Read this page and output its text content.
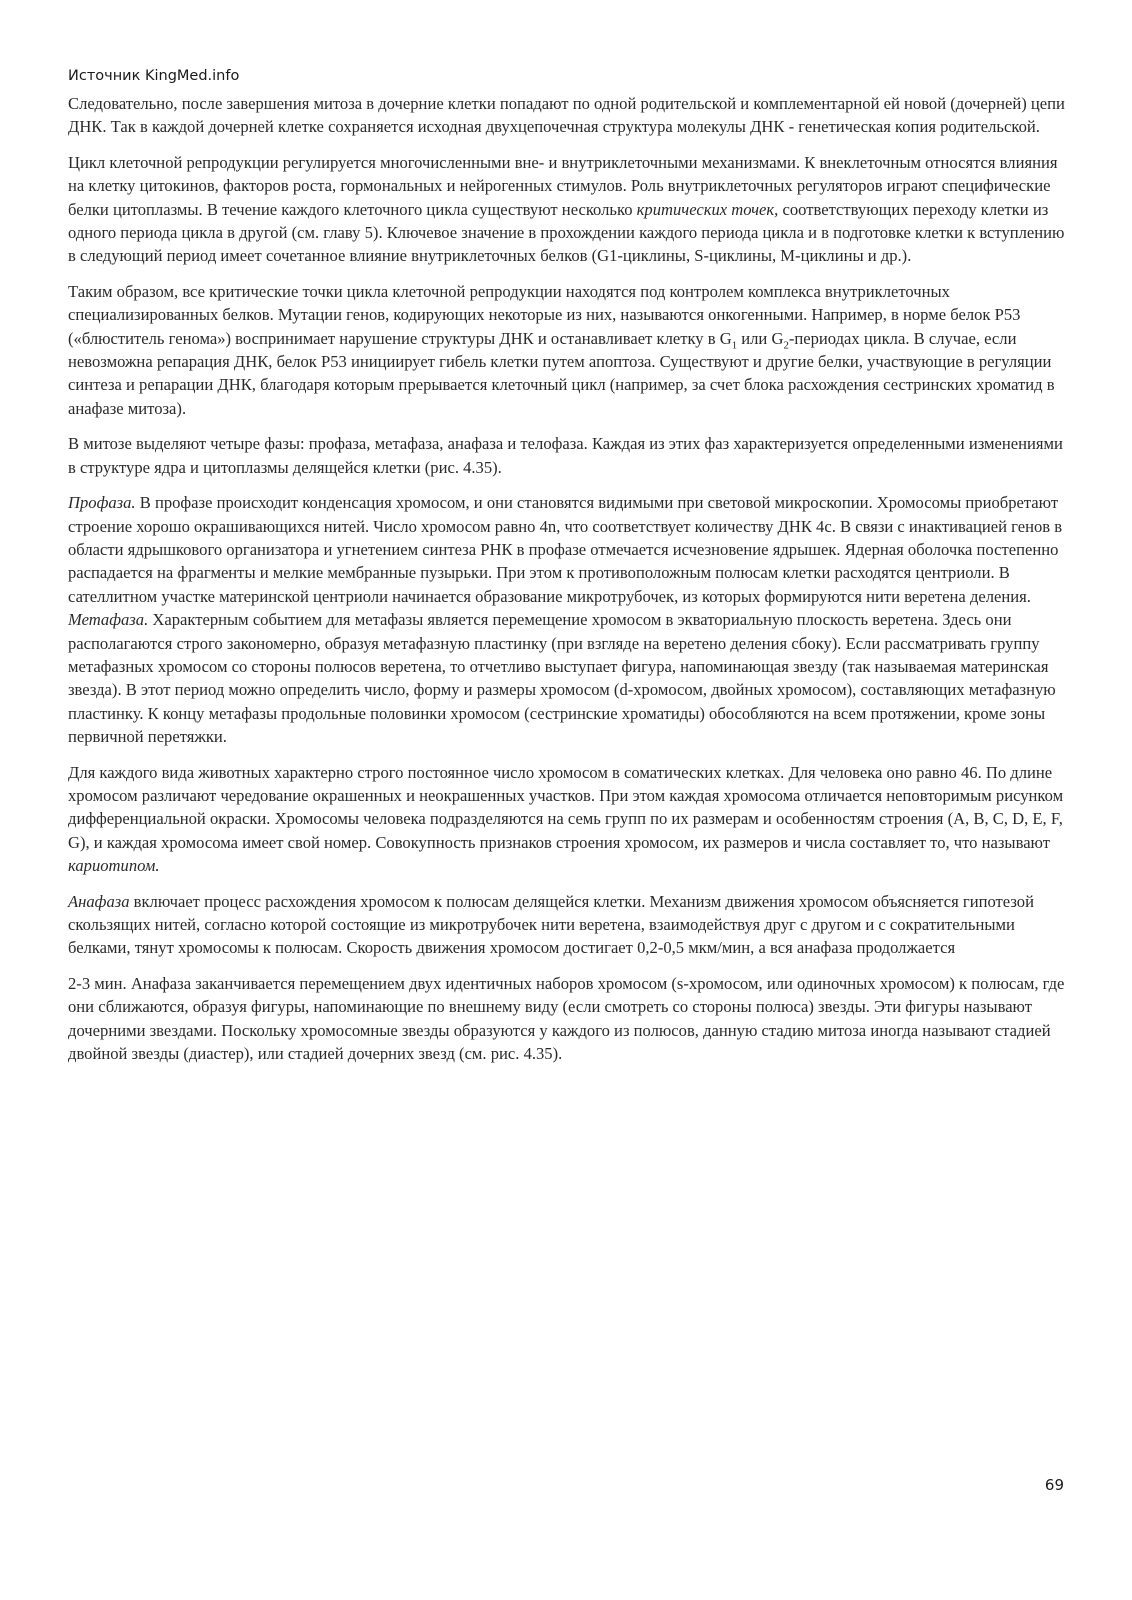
Источник KingMed.info

Следовательно, после завершения митоза в дочерние клетки попадают по одной родительской и комплементарной ей новой (дочерней) цепи ДНК. Так в каждой дочерней клетке сохраняется исходная двухцепочечная структура молекулы ДНК - генетическая копия родительской.

Цикл клеточной репродукции регулируется многочисленными вне- и внутриклеточными механизмами. К внеклеточным относятся влияния на клетку цитокинов, факторов роста, гормональных и нейрогенных стимулов. Роль внутриклеточных регуляторов играют специфические белки цитоплазмы. В течение каждого клеточного цикла существуют несколько критических точек, соответствующих переходу клетки из одного периода цикла в другой (см. главу 5). Ключевое значение в прохождении каждого периода цикла и в подготовке клетки к вступлению в следующий период имеет сочетанное влияние внутриклеточных белков (G1-циклины, S-циклины, М-циклины и др.).

Таким образом, все критические точки цикла клеточной репродукции находятся под контролем комплекса внутриклеточных специализированных белков. Мутации генов, кодирующих некоторые из них, называются онкогенными. Например, в норме белок Р53 («блюститель генома») воспринимает нарушение структуры ДНК и останавливает клетку в $G_1$ или $G_2$-периодах цикла. В случае, если невозможна репарация ДНК, белок Р53 инициирует гибель клетки путем апоптоза. Существуют и другие белки, участвующие в регуляции синтеза и репарации ДНК, благодаря которым прерывается клеточный цикл (например, за счет блока расхождения сестринских хроматид в анафазе митоза).

В митозе выделяют четыре фазы: профаза, метафаза, анафаза и телофаза. Каждая из этих фаз характеризуется определенными изменениями в структуре ядра и цитоплазмы делящейся клетки (рис. 4.35).

Профаза. В профазе происходит конденсация хромосом, и они становятся видимыми при световой микроскопии. Хромосомы приобретают строение хорошо окрашивающихся нитей. Число хромосом равно 4n, что соответствует количеству ДНК 4с. В связи с инактивацией генов в области ядрышкового организатора и угнетением синтеза РНК в профазе отмечается исчезновение ядрышек. Ядерная оболочка постепенно распадается на фрагменты и мелкие мембранные пузырьки. При этом к противоположным полюсам клетки расходятся центриоли. В сателлитном участке материнской центриоли начинается образование микротрубочек, из которых формируются нити веретена деления.

Метафаза. Характерным событием для метафазы является перемещение хромосом в экваториальную плоскость веретена. Здесь они располагаются строго закономерно, образуя метафазную пластинку (при взгляде на веретено деления сбоку). Если рассматривать группу метафазных хромосом со стороны полюсов веретена, то отчетливо выступает фигура, напоминающая звезду (так называемая материнская звезда). В этот период можно определить число, форму и размеры хромосом (d-хромосом, двойных хромосом), составляющих метафазную пластинку. К концу метафазы продольные половинки хромосом (сестринские хроматиды) обособляются на всем протяжении, кроме зоны первичной перетяжки.

Для каждого вида животных характерно строго постоянное число хромосом в соматических клетках. Для человека оно равно 46. По длине хромосом различают чередование окрашенных и неокрашенных участков. При этом каждая хромосома отличается неповторимым рисунком дифференциальной окраски. Хромосомы человека подразделяются на семь групп по их размерам и особенностям строения (A, B, C, D, E, F, G), и каждая хромосома имеет свой номер. Совокупность признаков строения хромосом, их размеров и числа составляет то, что называют кариотипом.

Анафаза включает процесс расхождения хромосом к полюсам делящейся клетки. Механизм движения хромосом объясняется гипотезой скользящих нитей, согласно которой состоящие из микротрубочек нити веретена, взаимодействуя друг с другом и с сократительными белками, тянут хромосомы к полюсам. Скорость движения хромосом достигает 0,2-0,5 мкм/мин, а вся анафаза продолжается

2-3 мин. Анафаза заканчивается перемещением двух идентичных наборов хромосом (s-хромосом, или одиночных хромосом) к полюсам, где они сближаются, образуя фигуры, напоминающие по внешнему виду (если смотреть со стороны полюса) звезды. Эти фигуры называют дочерними звездами. Поскольку хромосомные звезды образуются у каждого из полюсов, данную стадию митоза иногда называют стадией двойной звезды (диастер), или стадией дочерних звезд (см. рис. 4.35).

69
